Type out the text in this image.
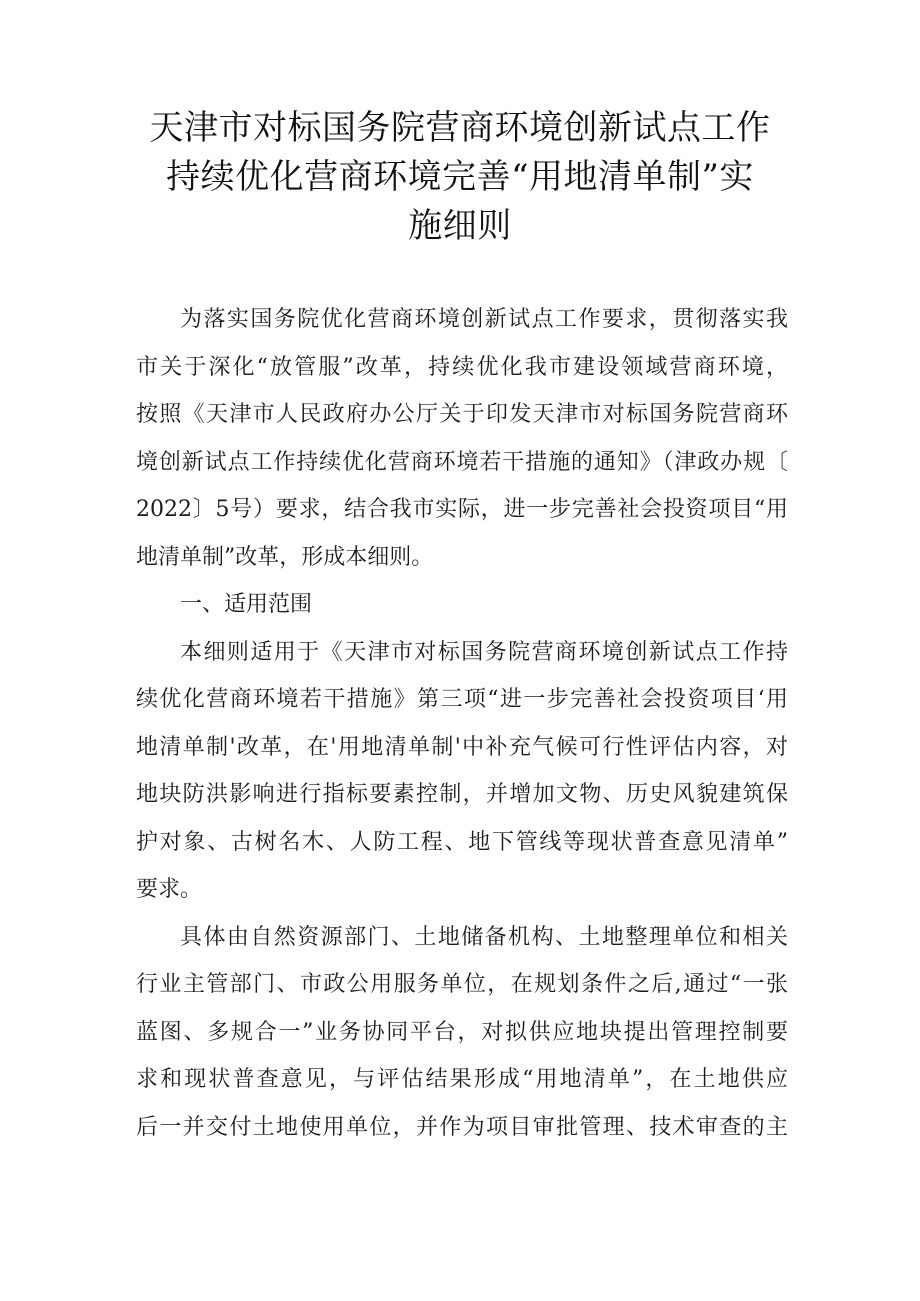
天津市对标国务院营商环境创新试点工作
持续优化营商环境完善“用地清单制”实
施细则
为落实国务院优化营商环境创新试点工作要求，贯彻落实我
市关于深化“放管服”改革，持续优化我市建设领域营商环境，
按照《天津市人民政府办公厅关于印发天津市对标国务院营商环
境创新试点工作持续优化营商环境若干措施的通知》（津政办规〔
2022〕5号）要求，结合我市实际，进一步完善社会投资项目“用
地清单制”改革，形成本细则。
一、适用范围
本细则适用于《天津市对标国务院营商环境创新试点工作持
续优化营商环境若干措施》第三项“进一步完善社会投资项目‘用
地清单制'改革，在'用地清单制'中补充气候可行性评估内容，对
地块防洪影响进行指标要素控制，并增加文物、历史风貌建筑保
护对象、古树名木、人防工程、地下管线等现状普查意见清单”
要求。
具体由自然资源部门、土地储备机构、土地整理单位和相关
行业主管部门、市政公用服务单位，在规划条件之后,通过“一张
蓝图、多规合一”业务协同平台，对拟供应地块提出管理控制要
求和现状普查意见，与评估结果形成“用地清单”，在土地供应
后一并交付土地使用单位，并作为项目审批管理、技术审查的主
